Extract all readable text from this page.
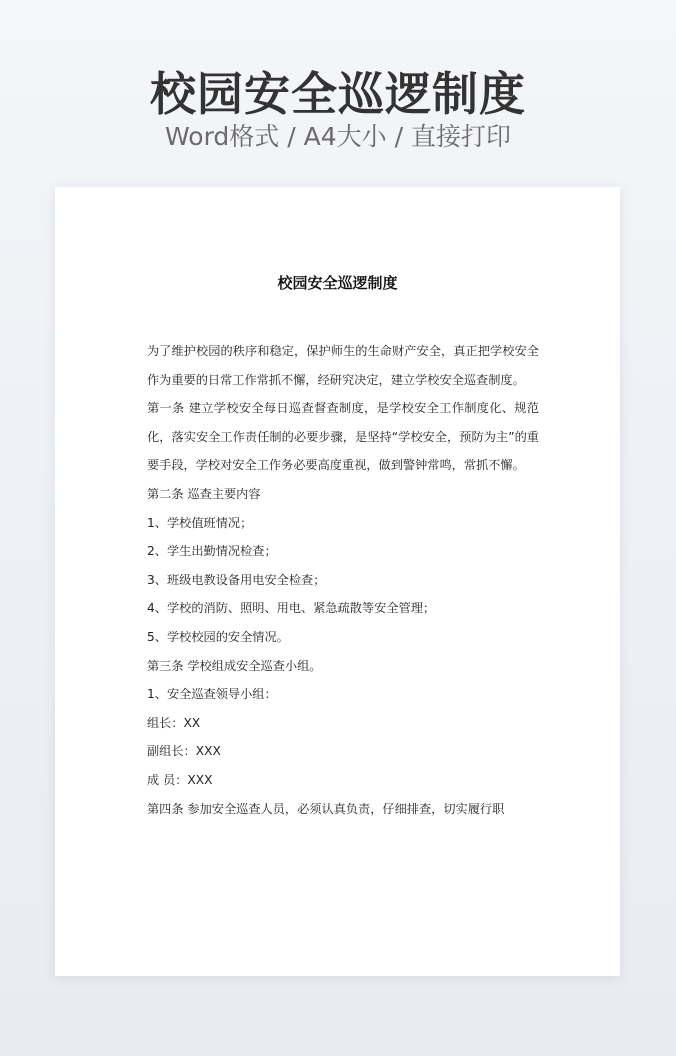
校园安全巡逻制度
Word格式 / A4大小 / 直接打印
校园安全巡逻制度

为了维护校园的秩序和稳定，保护师生的生命财产安全，真正把学校安全作为重要的日常工作常抓不懈，经研究决定，建立学校安全巡查制度。

第一条 建立学校安全每日巡查督查制度，是学校安全工作制度化、规范化，落实安全工作责任制的必要步骤，是坚持“学校安全，预防为主”的重要手段，学校对安全工作务必要高度重视，做到警钟常鸣，常抓不懈。

第二条 巡查主要内容

1、学校值班情况；

2、学生出勤情况检查；

3、班级电教设备用电安全检查；

4、学校的消防、照明、用电、紧急疏散等安全管理；

5、学校校园的安全情况。

第三条 学校组成安全巡查小组。

1、安全巡查领导小组：

组长：XX

副组长：XXX

成 员：XXX

第四条 参加安全巡查人员，必须认真负责，仔细排查，切实履行职
